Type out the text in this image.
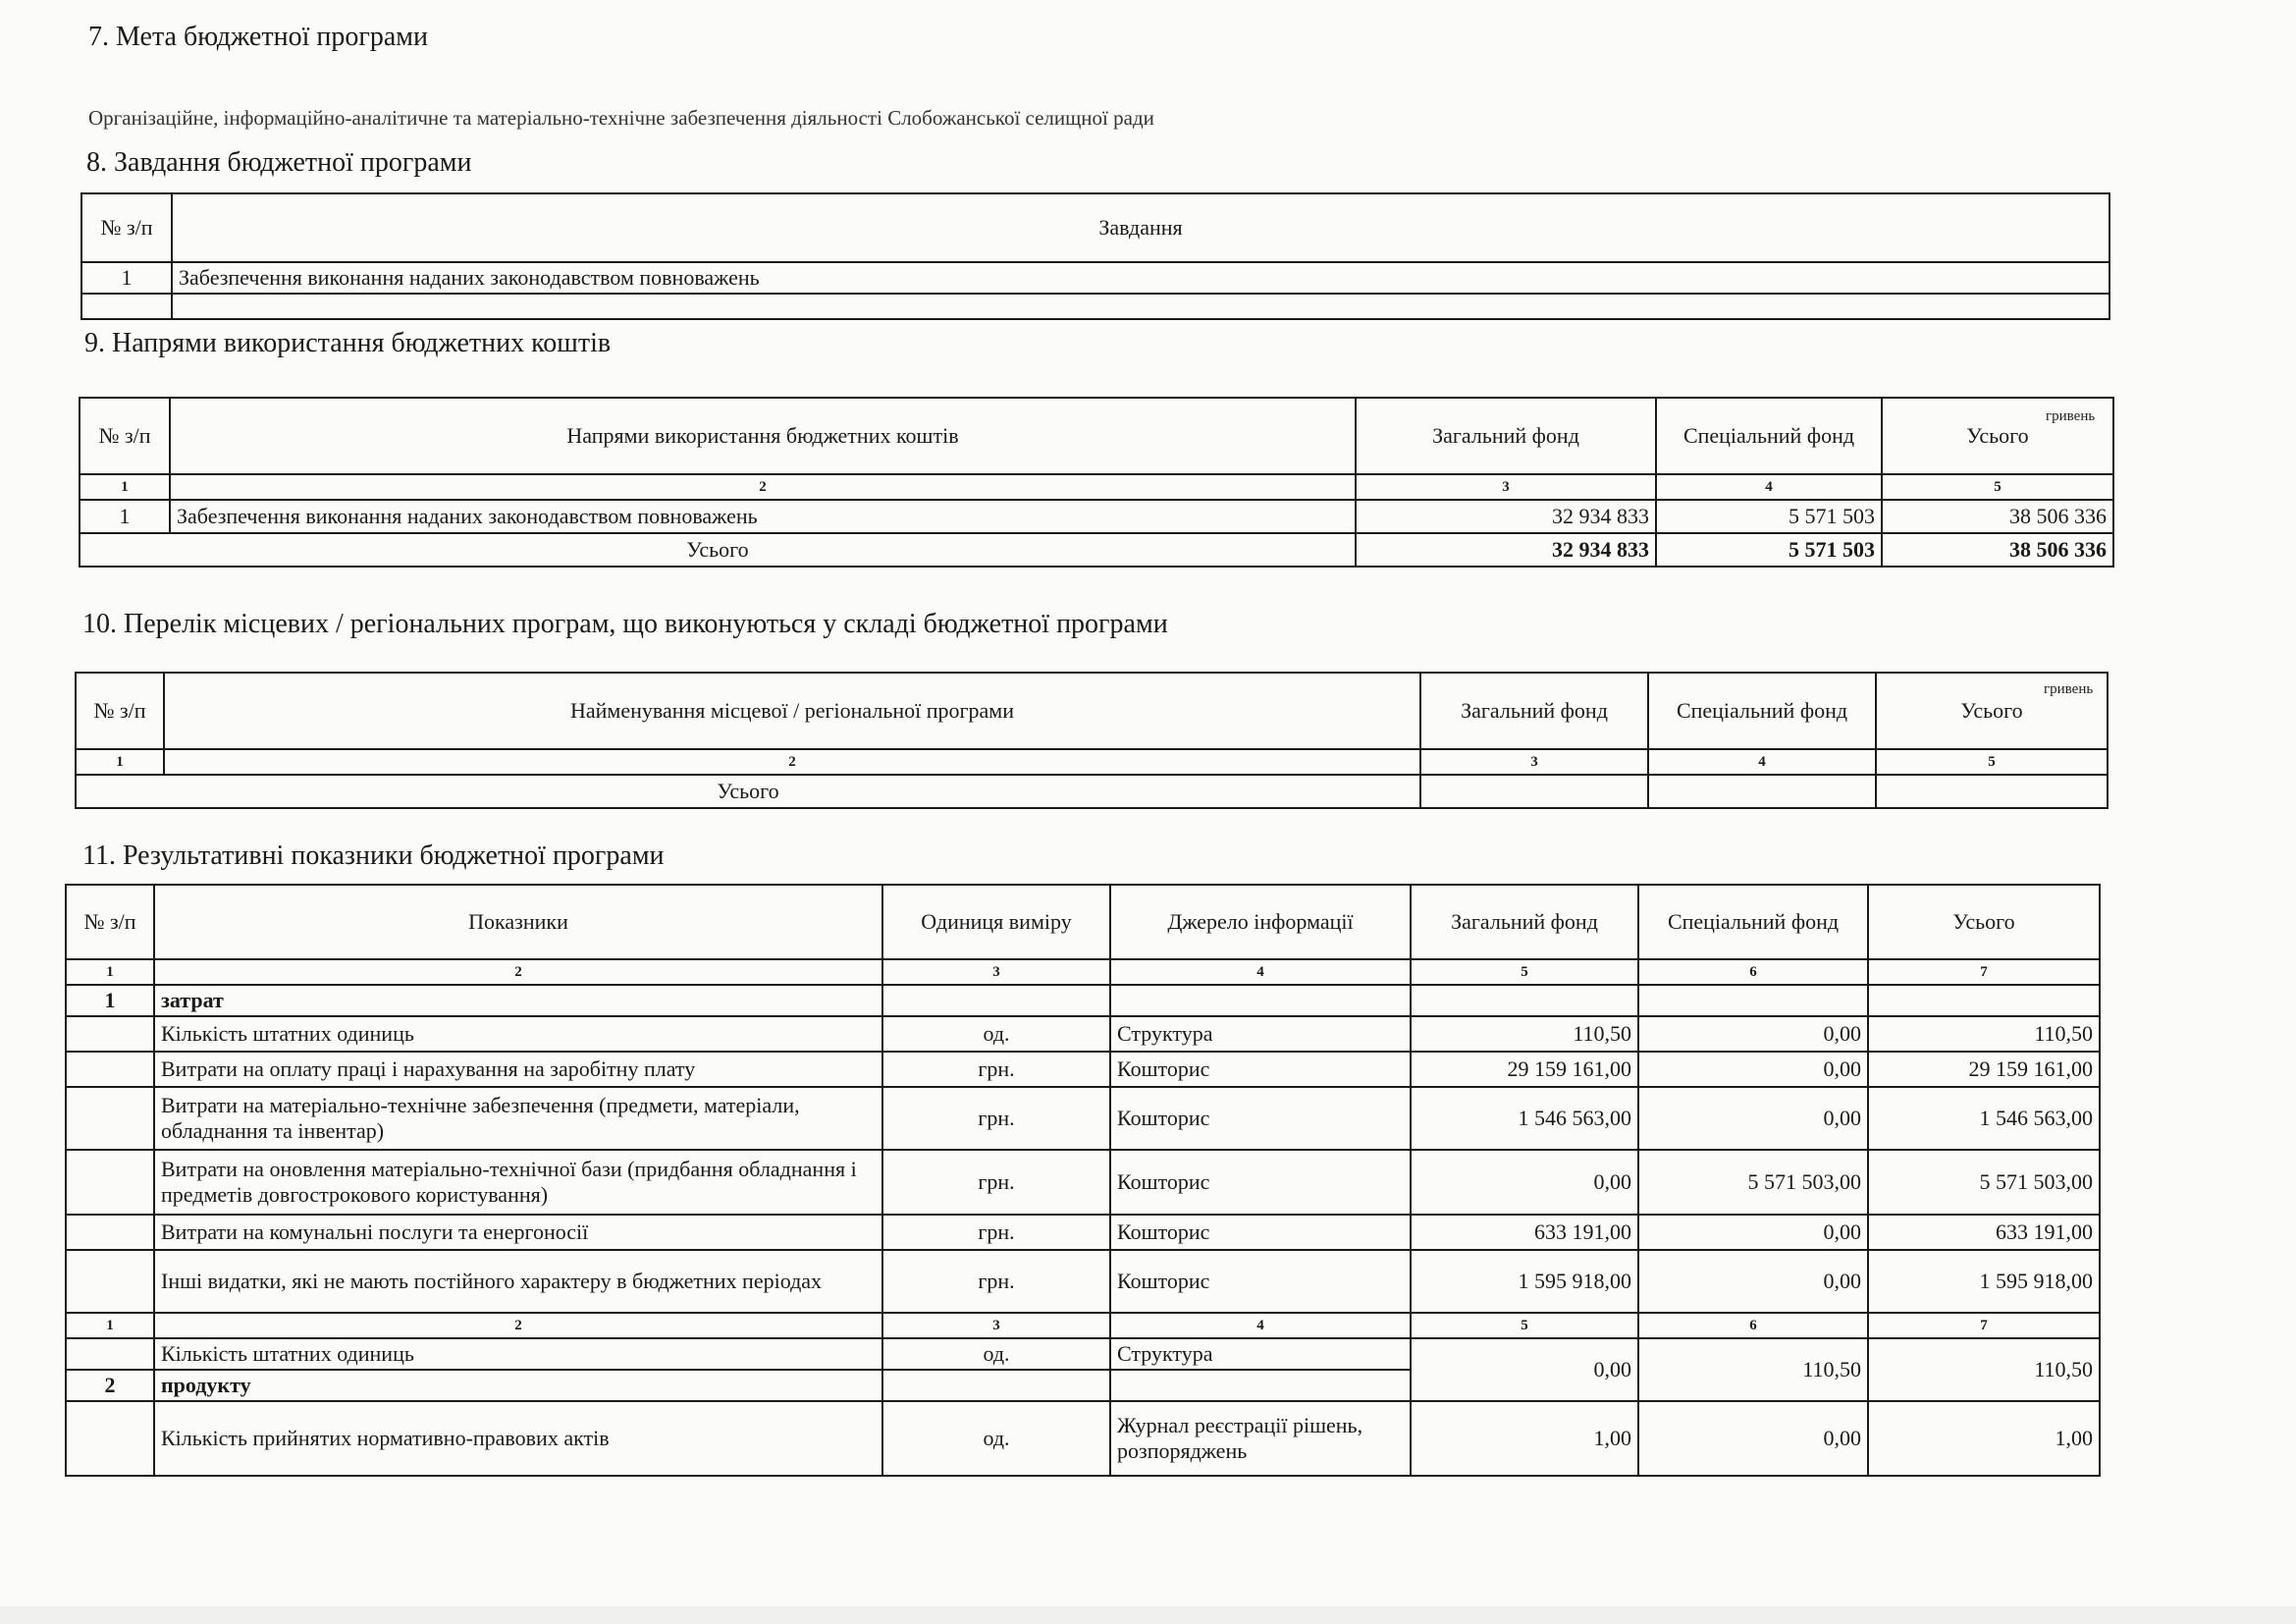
7. Мета бюджетної програми
Організаційне, інформаційно-аналітичне та матеріально-технічне забезпечення діяльності Слобожанської селищної ради
8. Завдання бюджетної програми
№ з/п	Завдання
1	Забезпечення виконання наданих законодавством повноважень

9. Напрями використання бюджетних коштів
гривень
№ з/п	Напрями використання бюджетних коштів	Загальний фонд	Спеціальний фонд	Усього
1	2	3	4	5
1	Забезпечення виконання наданих законодавством повноважень	32 934 833	5 571 503	38 506 336
Усього		32 934 833	5 571 503	38 506 336
10. Перелік місцевих / регіональних програм, що виконуються у складі бюджетної програми
гривень
№ з/п	Найменування місцевої / регіональної програми	Загальний фонд	Спеціальний фонд	Усього
1	2	3	4	5
Усього				
11. Результативні показники бюджетної програми
№ з/п	Показники	Одиниця виміру	Джерело інформації	Загальний фонд	Спеціальний фонд	Усього
1	2	3	4	5	6	7
1	затрат					
	Кількість штатних одиниць	од.	Структура	110,50	0,00	110,50
	Витрати на оплату праці і нарахування на заробітну плату	грн.	Кошторис	29 159 161,00	0,00	29 159 161,00
	Витрати на матеріально-технічне забезпечення (предмети, матеріали, обладнання та інвентар)	грн.	Кошторис	1 546 563,00	0,00	1 546 563,00
	Витрати на оновлення матеріально-технічної бази (придбання обладнання і предметів довгострокового користування)	грн.	Кошторис	0,00	5 571 503,00	5 571 503,00
	Витрати на комунальні послуги та енергоносії	грн.	Кошторис	633 191,00	0,00	633 191,00
	Інші видатки, які не мають постійного характеру в бюджетних періодах	грн.	Кошторис	1 595 918,00	0,00	1 595 918,00
1	2	3	4	5	6	7
	Кількість штатних одиниць	од.	Структура	0,00	110,50	110,50
2	продукту					
	Кількість прийнятих нормативно-правових актів	од.	Журнал реєстрації рішень, розпоряджень	1,00	0,00	1,00
